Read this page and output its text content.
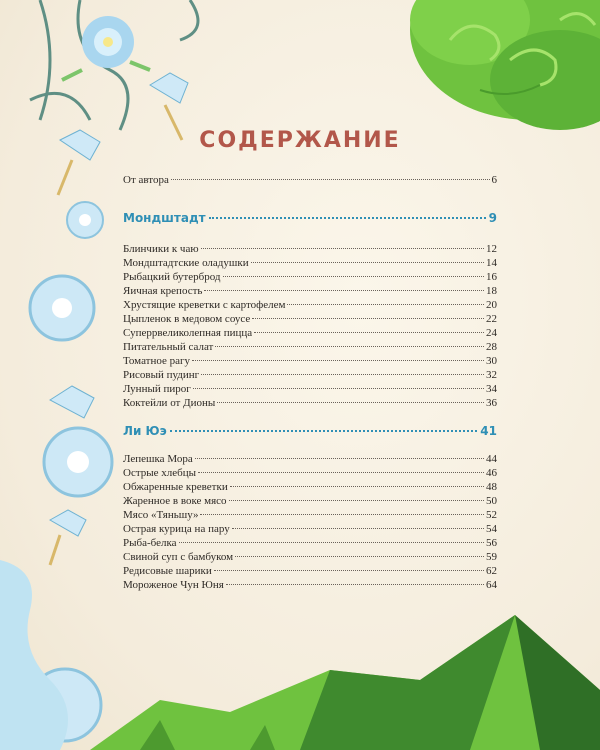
СОДЕРЖАНИЕ
От автора	6
Мондштадт	9
Блинчики к чаю	12
Мондштадтские оладушки	14
Рыбацкий бутерброд	16
Яичная крепость	18
Хрустящие креветки с картофелем	20
Цыпленок в медовом соусе	22
Суперрвеликолепная пицца	24
Питательный салат	28
Томатное рагу	30
Рисовый пудинг	32
Лунный пирог	34
Коктейли от Дионы	36
Ли Юэ	41
Лепешка Мора	44
Острые хлебцы	46
Обжаренные креветки	48
Жаренное в воке мясо	50
Мясо «Тяньшу»	52
Острая курица на пару	54
Рыба-белка	56
Свиной суп с бамбуком	59
Редисовые шарики	62
Мороженое Чун Юня	64
